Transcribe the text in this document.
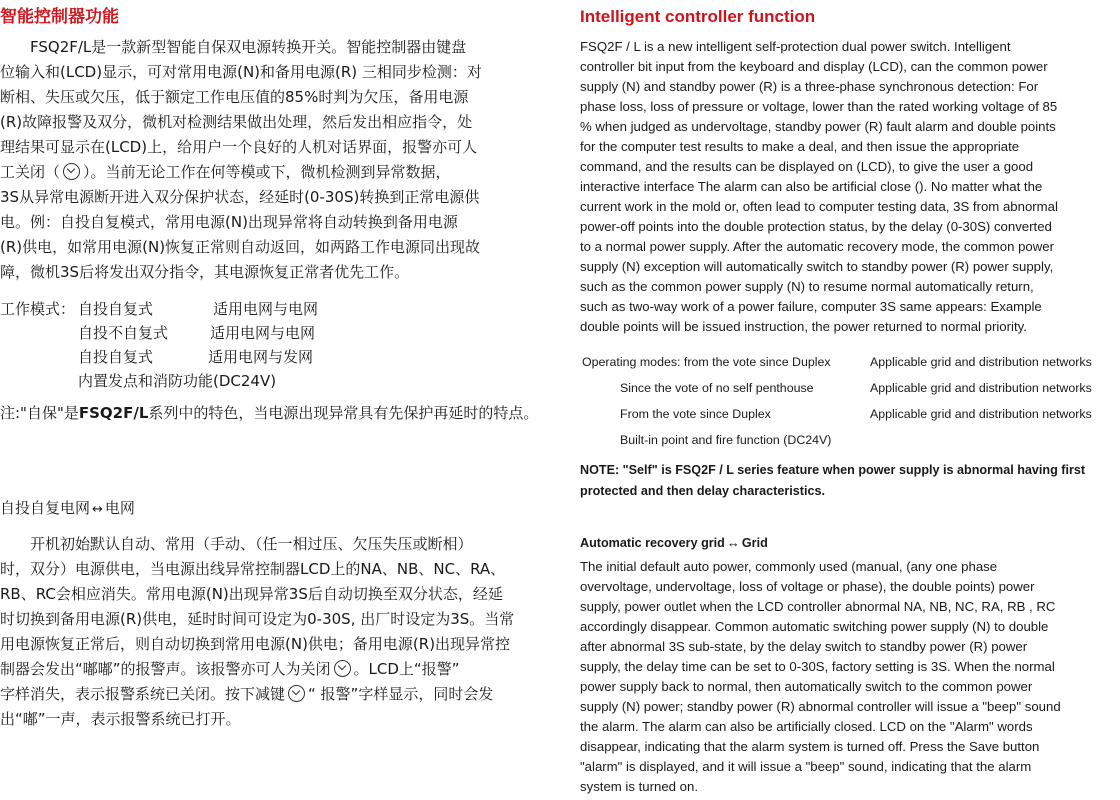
智能控制器功能
　　FSQ2F/L是一款新型智能自保双电源转换开关。智能控制器由键盘
位输入和(LCD)显示，可对常用电源(N)和备用电源(R) 三相同步检测：对
断相、失压或欠压，低于额定工作电压值的85%时判为欠压，备用电源
(R)故障报警及双分，微机对检测结果做出处理，然后发出相应指令，处
理结果可显示在(LCD)上，给用户一个良好的人机对话界面，报警亦可人
工关闭（ ）。当前无论工作在何等模或下，微机检测到异常数据，
3S从异常电源断开进入双分保护状态，经延时(0-30S)转换到正常电源供
电。例：自投自复模式，常用电源(N)出现异常将自动转换到备用电源
(R)供电，如常用电源(N)恢复正常则自动返回，如两路工作电源同出现故
障，微机3S后将发出双分指令，其电源恢复正常者优先工作。
工作模式： 自投自复式	适用电网与电网
自投不自复式	适用电网与电网
自投自复式	适用电网与发网
内置发点和消防功能(DC24V)
注:"自保"是FSQ2F/L系列中的特色，当电源出现异常具有先保护再延时的特点。
自投自复电网 ↔ 电网
　　开机初始默认自动、常用（手动、（任一相过压、欠压失压或断相）
时，双分）电源供电，当电源出线异常控制器LCD上的NA、NB、NC、RA、
RB、RC会相应消失。常用电源(N)出现异常3S后自动切换至双分状态，经延
时切换到备用电源(R)供电，延时时间可设定为0-30S, 出厂时设定为3S。当常
用电源恢复正常后，则自动切换到常用电源(N)供电；备用电源(R)出现异常控
制器会发出“嘟嘟”的报警声。该报警亦可人为关闭 。LCD上“报警”
字样消失，表示报警系统已关闭。按下减键 “ 报警”字样显示，同时会发
出“嘟”一声，表示报警系统已打开。
Intelligent controller function
FSQ2F / L is a new intelligent self-protection dual power switch. Intelligent
controller bit input from the keyboard and display (LCD), can the common power
supply (N) and standby power (R) is a three-phase synchronous detection: For
phase loss, loss of pressure or voltage, lower than the rated working voltage of 85
% when judged as undervoltage, standby power (R) fault alarm and double points
for the computer test results to make a deal, and then issue the appropriate
command, and the results can be displayed on (LCD), to give the user a good
interactive interface The alarm can also be artificial close (). No matter what the
current work in the mold or, often lead to computer testing data, 3S from abnormal
power-off points into the double protection status, by the delay (0-30S) converted
to a normal power supply. After the automatic recovery mode, the common power
supply (N) exception will automatically switch to standby power (R) power supply,
such as the common power supply (N) to resume normal automatically return,
such as two-way work of a power failure, computer 3S same appears: Example
double points will be issued instruction, the power returned to normal priority.
Operating modes: from the vote since Duplex	Applicable grid and distribution networks
Since the vote of no self penthouse	Applicable grid and distribution networks
From the vote since Duplex	Applicable grid and distribution networks
Built-in point and fire function (DC24V)
NOTE: "Self" is FSQ2F / L series feature when power supply is abnormal having first
protected and then delay characteristics.
Automatic recovery grid ↔ Grid
The initial default auto power, commonly used (manual, (any one phase
overvoltage, undervoltage, loss of voltage or phase), the double points) power
supply, power outlet when the LCD controller abnormal NA, NB, NC, RA, RB , RC
accordingly disappear. Common automatic switching power supply (N) to double
after abnormal 3S sub-state, by the delay switch to standby power (R) power
supply, the delay time can be set to 0-30S, factory setting is 3S. When the normal
power supply back to normal, then automatically switch to the common power
supply (N) power; standby power (R) abnormal controller will issue a "beep" sound
the alarm. The alarm can also be artificially closed. LCD on the "Alarm" words
disappear, indicating that the alarm system is turned off. Press the Save button
"alarm" is displayed, and it will issue a "beep" sound, indicating that the alarm
system is turned on.
